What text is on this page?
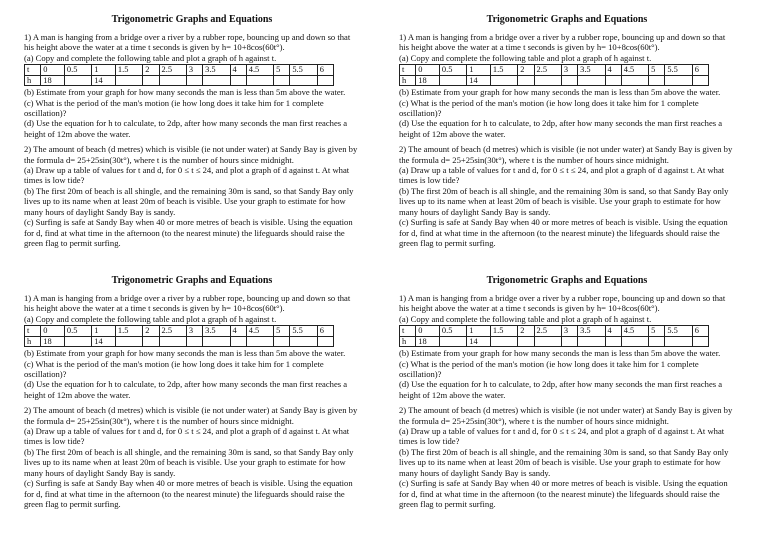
Trigonometric Graphs and Equations

1) A man is hanging from a bridge over a river by a rubber rope, bouncing up and down so that his height above the water at a time t seconds is given by h= 10+8cos(60t°).

(a) Copy and complete the following table and plot a graph of h against t.

t	0	0.5	1	1.5	2	2.5	3	3.5	4	4.5	5	5.5	6
h	18		14										

(b) Estimate from your graph for how many seconds the man is less than 5m above the water.

(c) What is the period of the man's motion (ie how long does it take him for 1 complete oscillation)?

(d) Use the equation for h to calculate, to 2dp, after how many seconds the man first reaches a height of 12m above the water.

2) The amount of beach (d metres) which is visible (ie not under water) at Sandy Bay is given by the formula d= 25+25sin(30t°), where t is the number of hours since midnight.

(a) Draw up a table of values for t and d, for 0 ≤ t ≤ 24, and plot a graph of d against t. At what times is low tide?

(b) The first 20m of beach is all shingle, and the remaining 30m is sand, so that Sandy Bay only lives up to its name when at least 20m of beach is visible. Use your graph to estimate for how many hours of daylight Sandy Bay is sandy.

(c) Surfing is safe at Sandy Bay when 40 or more metres of beach is visible. Using the equation for d, find at what time in the afternoon (to the nearest minute) the lifeguards should raise the green flag to permit surfing.

Trigonometric Graphs and Equations

1) A man is hanging from a bridge over a river by a rubber rope, bouncing up and down so that his height above the water at a time t seconds is given by h= 10+8cos(60t°).

(a) Copy and complete the following table and plot a graph of h against t.

t	0	0.5	1	1.5	2	2.5	3	3.5	4	4.5	5	5.5	6
h	18		14										

(b) Estimate from your graph for how many seconds the man is less than 5m above the water.

(c) What is the period of the man's motion (ie how long does it take him for 1 complete oscillation)?

(d) Use the equation for h to calculate, to 2dp, after how many seconds the man first reaches a height of 12m above the water.

2) The amount of beach (d metres) which is visible (ie not under water) at Sandy Bay is given by the formula d= 25+25sin(30t°), where t is the number of hours since midnight.

(a) Draw up a table of values for t and d, for 0 ≤ t ≤ 24, and plot a graph of d against t. At what times is low tide?

(b) The first 20m of beach is all shingle, and the remaining 30m is sand, so that Sandy Bay only lives up to its name when at least 20m of beach is visible. Use your graph to estimate for how many hours of daylight Sandy Bay is sandy.

(c) Surfing is safe at Sandy Bay when 40 or more metres of beach is visible. Using the equation for d, find at what time in the afternoon (to the nearest minute) the lifeguards should raise the green flag to permit surfing.

Trigonometric Graphs and Equations

1) A man is hanging from a bridge over a river by a rubber rope, bouncing up and down so that his height above the water at a time t seconds is given by h= 10+8cos(60t°).

(a) Copy and complete the following table and plot a graph of h against t.

t	0	0.5	1	1.5	2	2.5	3	3.5	4	4.5	5	5.5	6
h	18		14										

(b) Estimate from your graph for how many seconds the man is less than 5m above the water.

(c) What is the period of the man's motion (ie how long does it take him for 1 complete oscillation)?

(d) Use the equation for h to calculate, to 2dp, after how many seconds the man first reaches a height of 12m above the water.

2) The amount of beach (d metres) which is visible (ie not under water) at Sandy Bay is given by the formula d= 25+25sin(30t°), where t is the number of hours since midnight.

(a) Draw up a table of values for t and d, for 0 ≤ t ≤ 24, and plot a graph of d against t. At what times is low tide?

(b) The first 20m of beach is all shingle, and the remaining 30m is sand, so that Sandy Bay only lives up to its name when at least 20m of beach is visible. Use your graph to estimate for how many hours of daylight Sandy Bay is sandy.

(c) Surfing is safe at Sandy Bay when 40 or more metres of beach is visible. Using the equation for d, find at what time in the afternoon (to the nearest minute) the lifeguards should raise the green flag to permit surfing.

Trigonometric Graphs and Equations

1) A man is hanging from a bridge over a river by a rubber rope, bouncing up and down so that his height above the water at a time t seconds is given by h= 10+8cos(60t°).

(a) Copy and complete the following table and plot a graph of h against t.

t	0	0.5	1	1.5	2	2.5	3	3.5	4	4.5	5	5.5	6
h	18		14										

(b) Estimate from your graph for how many seconds the man is less than 5m above the water.

(c) What is the period of the man's motion (ie how long does it take him for 1 complete oscillation)?

(d) Use the equation for h to calculate, to 2dp, after how many seconds the man first reaches a height of 12m above the water.

2) The amount of beach (d metres) which is visible (ie not under water) at Sandy Bay is given by the formula d= 25+25sin(30t°), where t is the number of hours since midnight.

(a) Draw up a table of values for t and d, for 0 ≤ t ≤ 24, and plot a graph of d against t. At what times is low tide?

(b) The first 20m of beach is all shingle, and the remaining 30m is sand, so that Sandy Bay only lives up to its name when at least 20m of beach is visible. Use your graph to estimate for how many hours of daylight Sandy Bay is sandy.

(c) Surfing is safe at Sandy Bay when 40 or more metres of beach is visible. Using the equation for d, find at what time in the afternoon (to the nearest minute) the lifeguards should raise the green flag to permit surfing.
